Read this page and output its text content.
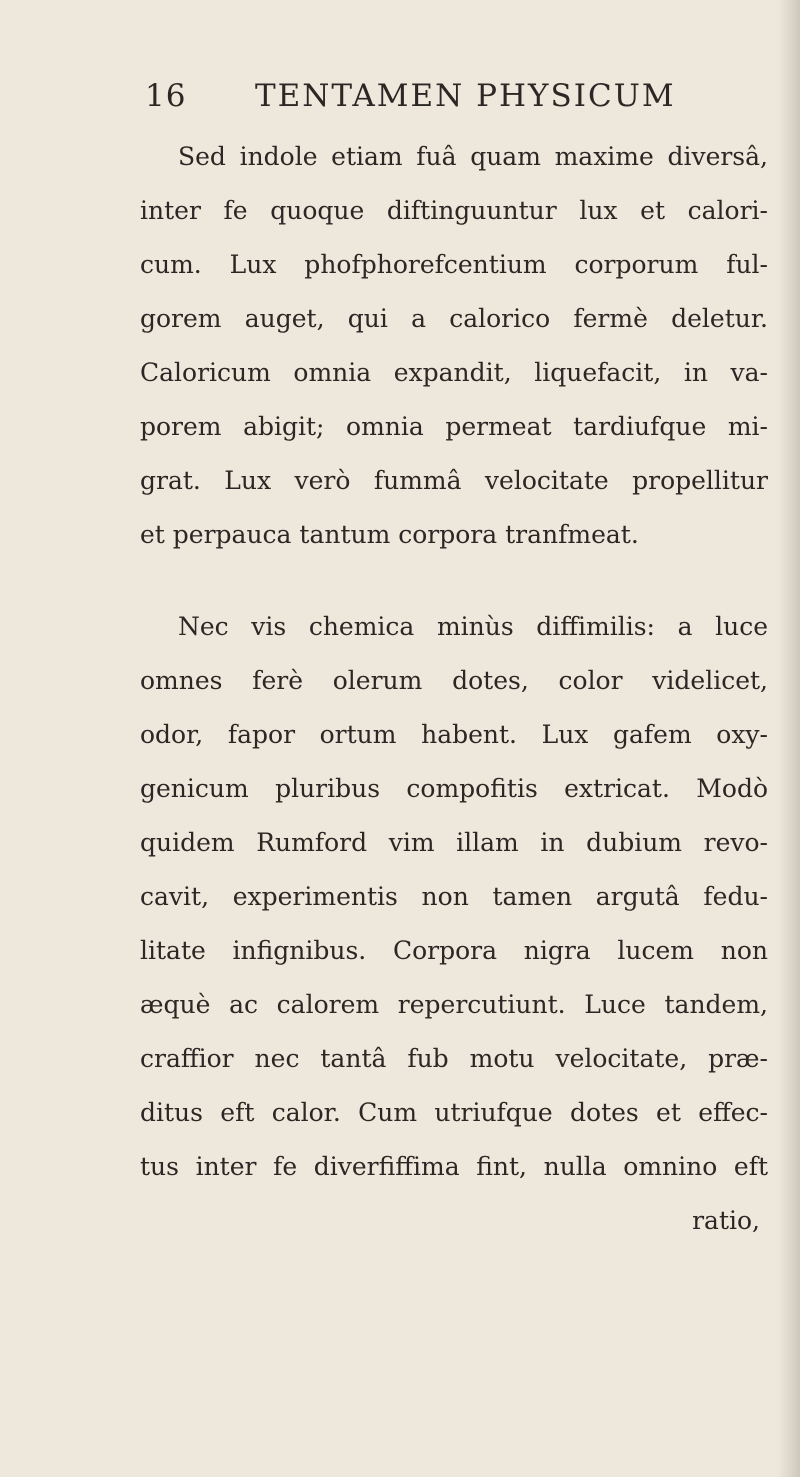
16 TENTAMEN PHYSICUM
Sed indole etiam fuâ quam maxime diversâ,
inter fe quoque diftinguuntur lux et calori-
cum. Lux phofphorefcentium corporum ful-
gorem auget, qui a calorico fermè deletur.
Caloricum omnia expandit, liquefacit, in va-
porem abigit; omnia permeat tardiufque mi-
grat. Lux verò fummâ velocitate propellitur
et perpauca tantum corpora tranfmeat.
Nec vis chemica minùs diffimilis: a luce
omnes ferè olerum dotes, color videlicet,
odor, fapor ortum habent. Lux gafem oxy-
genicum pluribus compofitis extricat. Modò
quidem Rumford vim illam in dubium revo-
cavit, experimentis non tamen argutâ fedu-
litate infignibus. Corpora nigra lucem non
æquè ac calorem repercutiunt. Luce tandem,
craffior nec tantâ fub motu velocitate, præ-
ditus eft calor. Cum utriufque dotes et effec-
tus inter fe diverfiffima fint, nulla omnino eft
ratio,
